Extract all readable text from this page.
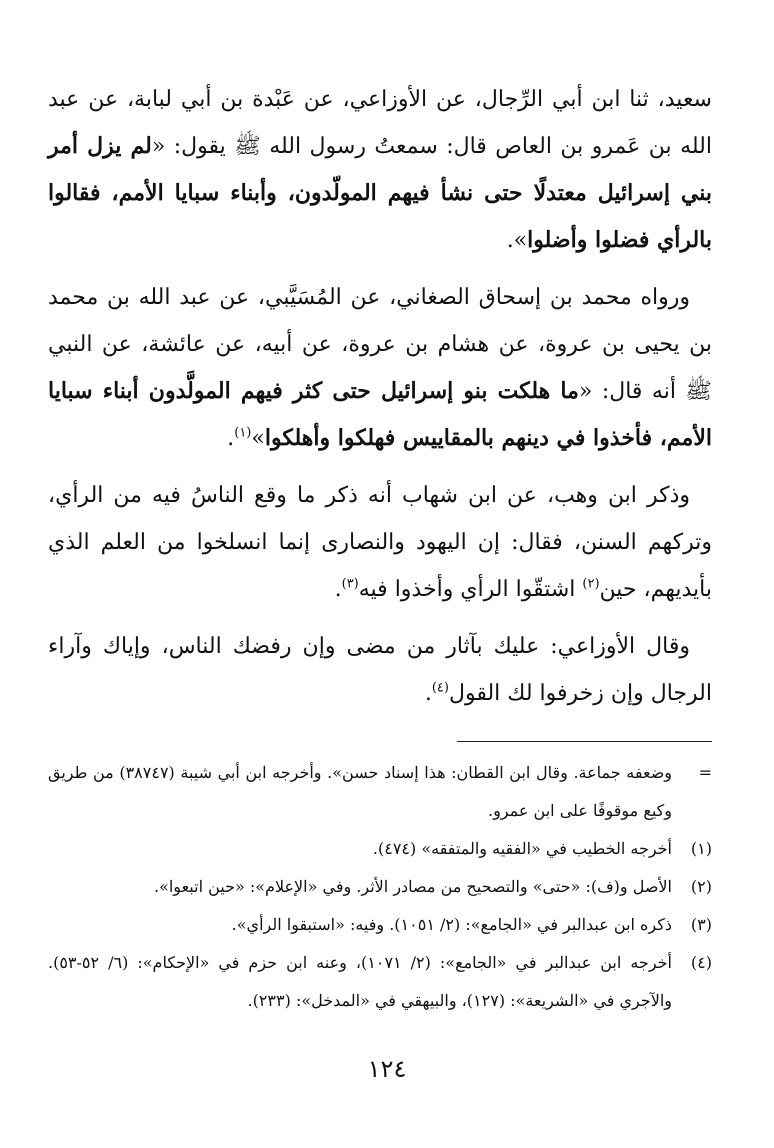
سعيد، ثنا ابن أبي الرِّجال، عن الأوزاعي، عن عَبْدة بن أبي لبابة، عن عبد الله بن عَمرو بن العاص قال: سمعتُ رسول الله ﷺ يقول: «لم يزل أمر بني إسرائيل معتدلًا حتى نشأ فيهم المولّدون، وأبناء سبايا الأمم، فقالوا بالرأي فضلوا وأضلوا».

ورواه محمد بن إسحاق الصغاني، عن المُسَيَّبي، عن عبد الله بن محمد بن يحيى بن عروة، عن هشام بن عروة، عن أبيه، عن عائشة، عن النبي ﷺ أنه قال: «ما هلكت بنو إسرائيل حتى كثر فيهم المولَّدون أبناء سبايا الأمم، فأخذوا في دينهم بالمقاييس فهلكوا وأهلكوا»$^{(١)}$.

وذكر ابن وهب، عن ابن شهاب أنه ذكر ما وقع الناسُ فيه من الرأي، وتركهم السنن، فقال: إن اليهود والنصارى إنما انسلخوا من العلم الذي بأيديهم، حين$^{(٢)}$ اشتقّوا الرأي وأخذوا فيه$^{(٣)}$.

وقال الأوزاعي: عليك بآثار من مضى وإن رفضك الناس، وإياك وآراء الرجال وإن زخرفوا لك القول$^{(٤)}$.

=
وضعفه جماعة. وقال ابن القطان: هذا إسناد حسن». وأخرجه ابن أبي شيبة (٣٨٧٤٧) من طريق وكيع موقوفًا على ابن عمرو.
(١)
أخرجه الخطيب في «الفقيه والمتفقه» (٤٧٤).
(٢)
الأصل و(ف): «حتى» والتصحيح من مصادر الأثر. وفي «الإعلام»: «حين اتبعوا».
(٣)
ذكره ابن عبدالبر في «الجامع»: (٢/ ١٠٥١). وفيه: «استبقوا الرأي».
(٤)
أخرجه ابن عبدالبر في «الجامع»: (٢/ ١٠٧١)، وعنه ابن حزم في «الإحكام»: (٦/ ٥٢-٥٣). والآجري في «الشريعة»: (١٢٧)، والبيهقي في «المدخل»: (٢٣٣).
١٢٤
